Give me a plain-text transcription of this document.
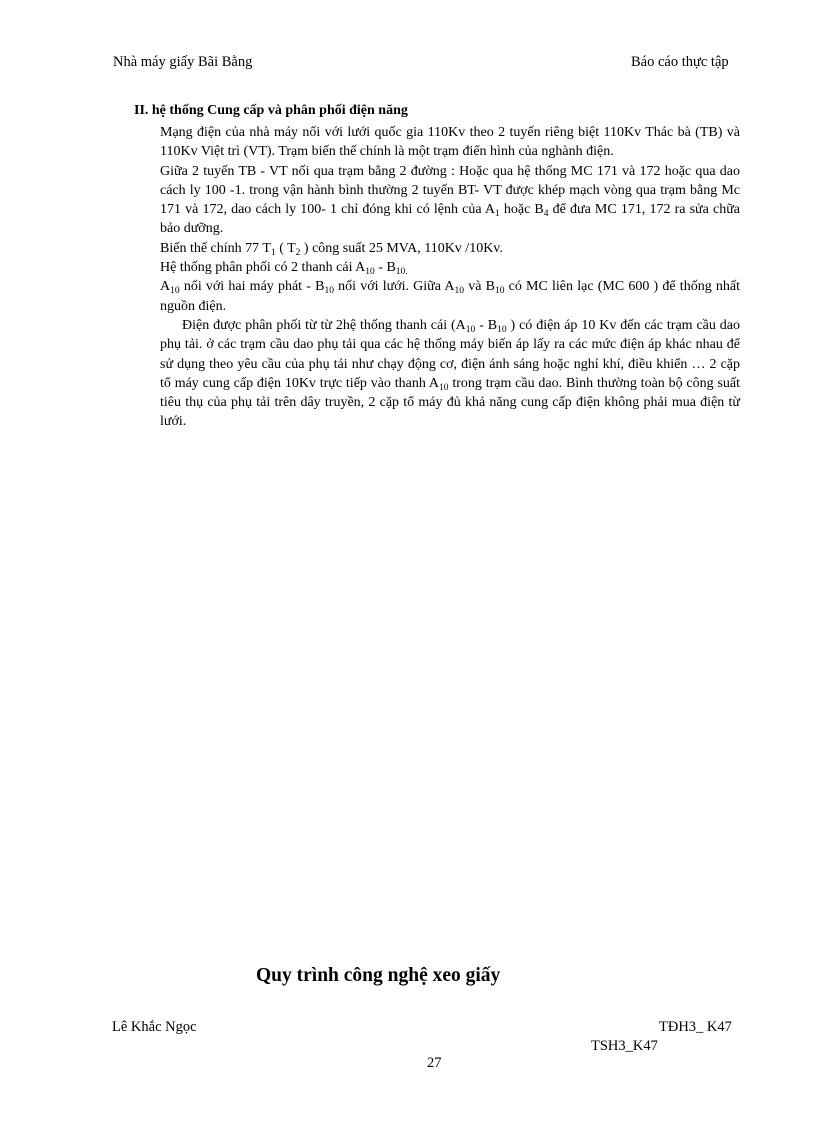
Nhà máy giấy Bãi Bằng	Báo cáo thực tập
II. hệ thống Cung cấp và phân phối điện năng

Mạng điện của nhà máy nối với lưới quốc gia 110Kv theo 2 tuyến riêng biệt 110Kv Thác bà (TB) và 110Kv Việt trì (VT). Trạm biến thế chính là một trạm điển hình của nghành điện.

Giữa 2 tuyến TB - VT nối qua trạm bằng 2 đường : Hoặc qua hệ thống MC 171 và 172 hoặc qua dao cách ly 100 -1. trong vận hành bình thường 2 tuyến BT- VT được khép mạch vòng qua trạm bằng Mc 171 và 172, dao cách ly 100- 1 chỉ đóng khi có lệnh của $A_1$ hoặc $B_4$ để đưa MC 171, 172 ra sửa chữa bảo dưỡng.

Biến thế chính 77 $T_1$ ( $T_2$ ) công suất 25 MVA, 110Kv /10Kv.

Hệ thống phân phối có 2 thanh cái $A_{10} - B_{10.}$

$A_{10}$ nối với hai máy phát - $B_{10}$ nối với lưới. Giữa $A_{10}$ và $B_{10}$ có MC liên lạc (MC 600 ) để thống nhất nguồn điện.

Điện được phân phối từ từ 2hệ thống thanh cái ($A_{10} - B_{10}$ ) có điện áp 10 Kv đến các trạm cầu dao phụ tải. ở các trạm cầu dao phụ tải qua các hệ thống máy biến áp lấy ra các mức điện áp khác nhau để sử dụng theo yêu cầu của phụ tải như chạy động cơ, điện ánh sáng hoặc nghỉ khí, điều khiển … 2 cặp tổ máy cung cấp điện 10Kv trực tiếp vào thanh $A_{10}$ trong trạm cầu dao. Bình thường toàn bộ công suất tiêu thụ của phụ tải trên dây truyền, 2 cặp tổ máy đủ khả năng cung cấp điện không phải mua điện từ lưới.

Quy trình công nghệ xeo giấy
Lê Khắc Ngọc	TĐH3_ K47
TSH3_K47
27
